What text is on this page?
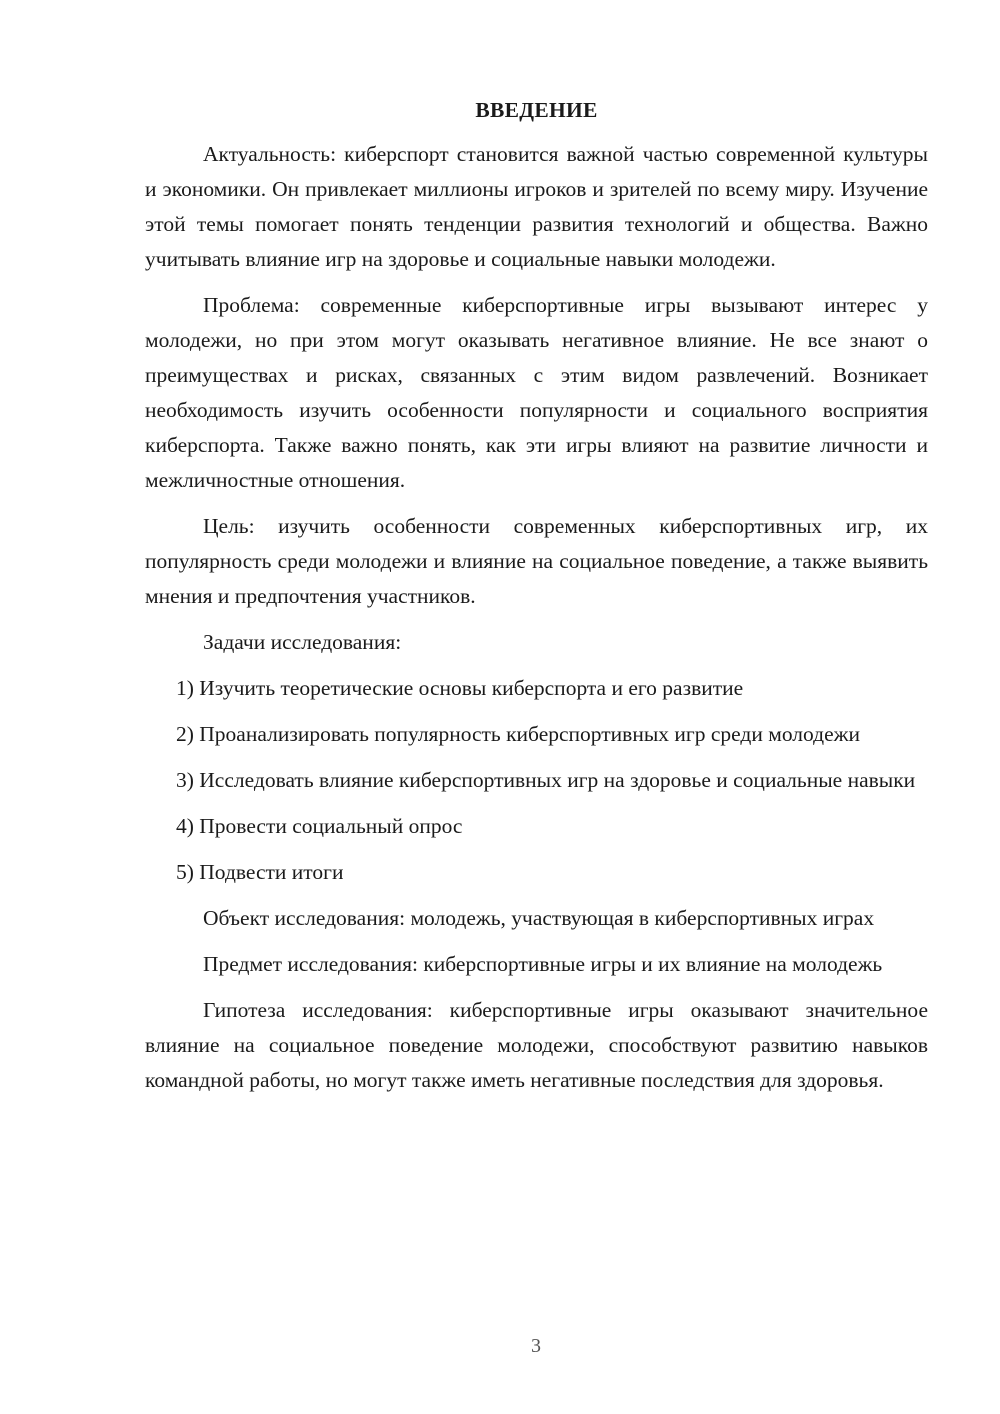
ВВЕДЕНИЕ

Актуальность: киберспорт становится важной частью современной культуры и экономики. Он привлекает миллионы игроков и зрителей по всему миру. Изучение этой темы помогает понять тенденции развития технологий и общества. Важно учитывать влияние игр на здоровье и социальные навыки молодежи.

Проблема: современные киберспортивные игры вызывают интерес у молодежи, но при этом могут оказывать негативное влияние. Не все знают о преимуществах и рисках, связанных с этим видом развлечений. Возникает необходимость изучить особенности популярности и социального восприятия киберспорта. Также важно понять, как эти игры влияют на развитие личности и межличностные отношения.

Цель: изучить особенности современных киберспортивных игр, их популярность среди молодежи и влияние на социальное поведение, а также выявить мнения и предпочтения участников.

Задачи исследования:

1) Изучить теоретические основы киберспорта и его развитие

2) Проанализировать популярность киберспортивных игр среди молодежи

3) Исследовать влияние киберспортивных игр на здоровье и социальные навыки

4) Провести социальный опрос

5) Подвести итоги

Объект исследования: молодежь, участвующая в киберспортивных играх

Предмет исследования: киберспортивные игры и их влияние на молодежь

Гипотеза исследования: киберспортивные игры оказывают значительное влияние на социальное поведение молодежи, способствуют развитию навыков командной работы, но могут также иметь негативные последствия для здоровья.

3
